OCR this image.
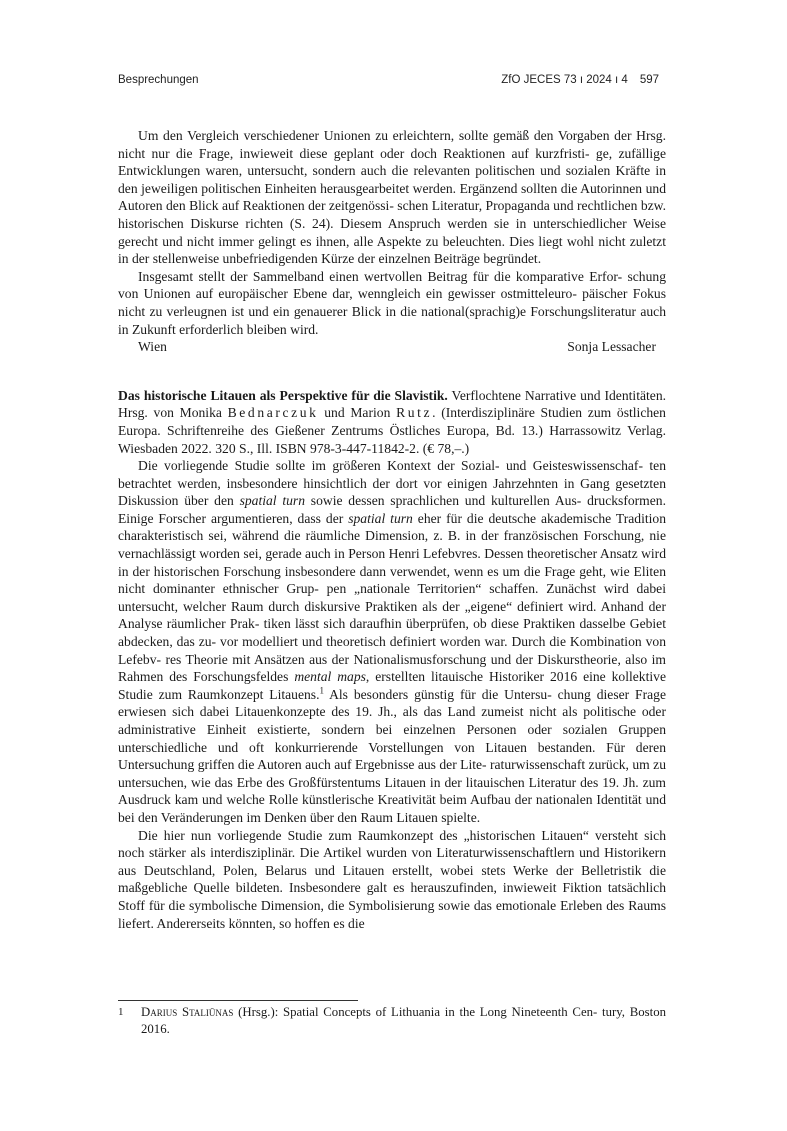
Besprechungen	ZfO JECES 73 ı 2024 ı 4 597

Um den Vergleich verschiedener Unionen zu erleichtern, sollte gemäß den Vorgaben der Hrsg. nicht nur die Frage, inwieweit diese geplant oder doch Reaktionen auf kurzfristi- ge, zufällige Entwicklungen waren, untersucht, sondern auch die relevanten politischen und sozialen Kräfte in den jeweiligen politischen Einheiten herausgearbeitet werden. Ergänzend sollten die Autorinnen und Autoren den Blick auf Reaktionen der zeitgenössi- schen Literatur, Propaganda und rechtlichen bzw. historischen Diskurse richten (S. 24). Diesem Anspruch werden sie in unterschiedlicher Weise gerecht und nicht immer gelingt es ihnen, alle Aspekte zu beleuchten. Dies liegt wohl nicht zuletzt in der stellenweise unbefriedigenden Kürze der einzelnen Beiträge begründet.

Insgesamt stellt der Sammelband einen wertvollen Beitrag für die komparative Erfor- schung von Unionen auf europäischer Ebene dar, wenngleich ein gewisser ostmitteleuro- päischer Fokus nicht zu verleugnen ist und ein genauerer Blick in die national(sprachig)e Forschungsliteratur auch in Zukunft erforderlich bleiben wird.

Wien	Sonja Lessacher

Das historische Litauen als Perspektive für die Slavistik. Verflochtene Narrative und Identitäten. Hrsg. von Monika Bednarczuk und Marion Rutz. (Interdisziplinäre Studien zum östlichen Europa. Schriftenreihe des Gießener Zentrums Östliches Europa, Bd. 13.) Harrassowitz Verlag. Wiesbaden 2022. 320 S., Ill. ISBN 978-3-447-11842-2. (€ 78,–.)

Die vorliegende Studie sollte im größeren Kontext der Sozial- und Geisteswissenschaf- ten betrachtet werden, insbesondere hinsichtlich der dort vor einigen Jahrzehnten in Gang gesetzten Diskussion über den spatial turn sowie dessen sprachlichen und kulturellen Aus- drucksformen. Einige Forscher argumentieren, dass der spatial turn eher für die deutsche akademische Tradition charakteristisch sei, während die räumliche Dimension, z. B. in der französischen Forschung, nie vernachlässigt worden sei, gerade auch in Person Henri Lefebvres. Dessen theoretischer Ansatz wird in der historischen Forschung insbesondere dann verwendet, wenn es um die Frage geht, wie Eliten nicht dominanter ethnischer Grup- pen „nationale Territorien“ schaffen. Zunächst wird dabei untersucht, welcher Raum durch diskursive Praktiken als der „eigene“ definiert wird. Anhand der Analyse räumlicher Prak- tiken lässt sich daraufhin überprüfen, ob diese Praktiken dasselbe Gebiet abdecken, das zu- vor modelliert und theoretisch definiert worden war. Durch die Kombination von Lefebv- res Theorie mit Ansätzen aus der Nationalismusforschung und der Diskurstheorie, also im Rahmen des Forschungsfeldes mental maps, erstellten litauische Historiker 2016 eine kollektive Studie zum Raumkonzept Litauens.$^1$ Als besonders günstig für die Untersu- chung dieser Frage erwiesen sich dabei Litauenkonzepte des 19. Jh., als das Land zumeist nicht als politische oder administrative Einheit existierte, sondern bei einzelnen Personen oder sozialen Gruppen unterschiedliche und oft konkurrierende Vorstellungen von Litauen bestanden. Für deren Untersuchung griffen die Autoren auch auf Ergebnisse aus der Lite- raturwissenschaft zurück, um zu untersuchen, wie das Erbe des Großfürstentums Litauen in der litauischen Literatur des 19. Jh. zum Ausdruck kam und welche Rolle künstlerische Kreativität beim Aufbau der nationalen Identität und bei den Veränderungen im Denken über den Raum Litauen spielte.

Die hier nun vorliegende Studie zum Raumkonzept des „historischen Litauen“ versteht sich noch stärker als interdisziplinär. Die Artikel wurden von Literaturwissenschaftlern und Historikern aus Deutschland, Polen, Belarus und Litauen erstellt, wobei stets Werke der Belletristik die maßgebliche Quelle bildeten. Insbesondere galt es herauszufinden, inwieweit Fiktion tatsächlich Stoff für die symbolische Dimension, die Symbolisierung sowie das emotionale Erleben des Raums liefert. Andererseits könnten, so hoffen es die

1 Darius Staliūnas (Hrsg.): Spatial Concepts of Lithuania in the Long Nineteenth Cen- tury, Boston 2016.
